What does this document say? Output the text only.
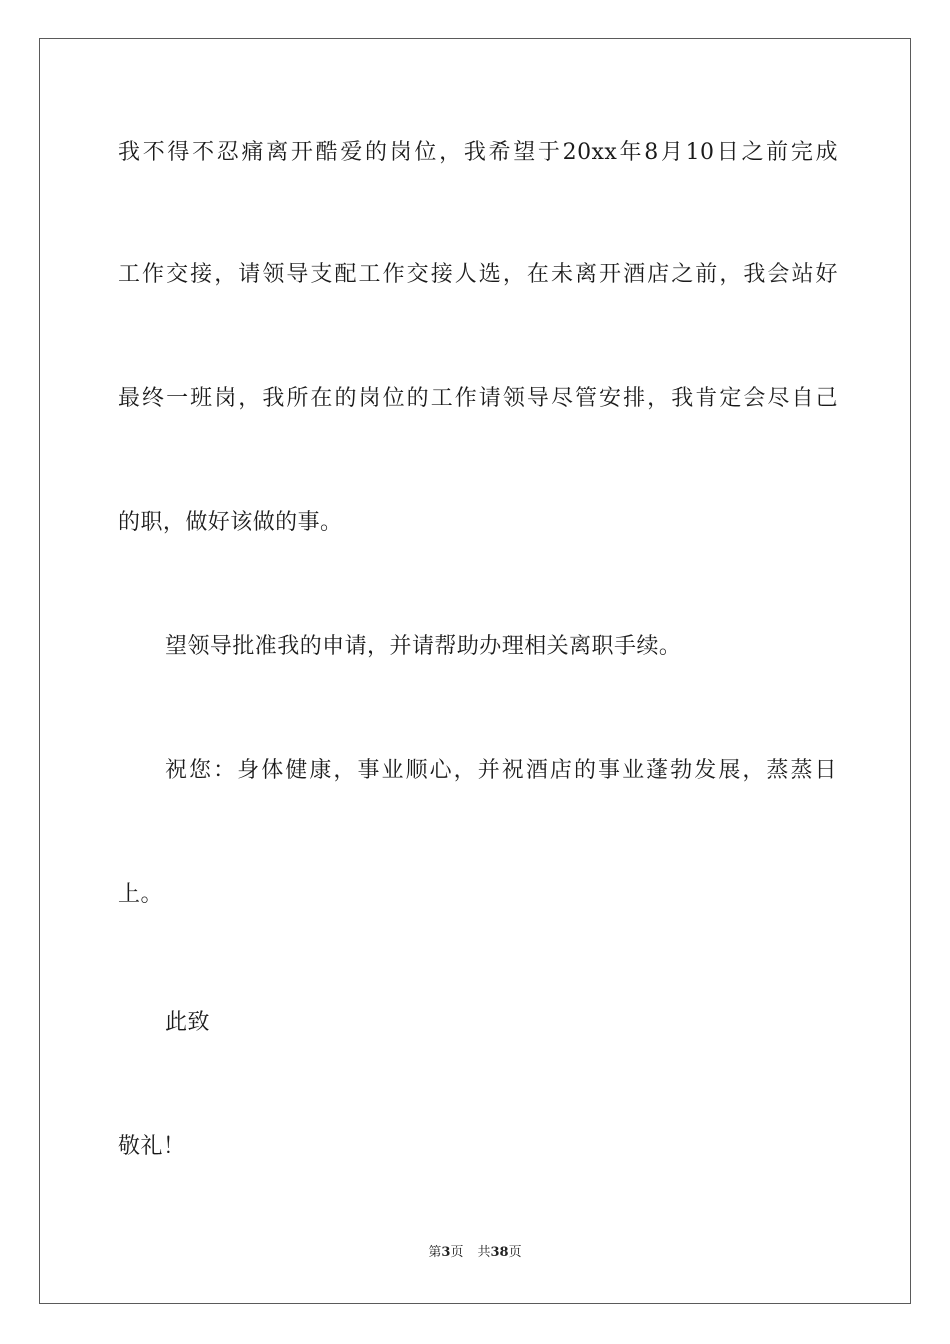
我不得不忍痛离开酷爱的岗位，我希望于20xx年8月10日之前完成
工作交接，请领导支配工作交接人选，在未离开酒店之前，我会站好
最终一班岗，我所在的岗位的工作请领导尽管安排，我肯定会尽自己
的职，做好该做的事。
望领导批准我的申请，并请帮助办理相关离职手续。
祝您：身体健康，事业顺心，并祝酒店的事业蓬勃发展，蒸蒸日
上。
此致
敬礼！
第3页 共38页
